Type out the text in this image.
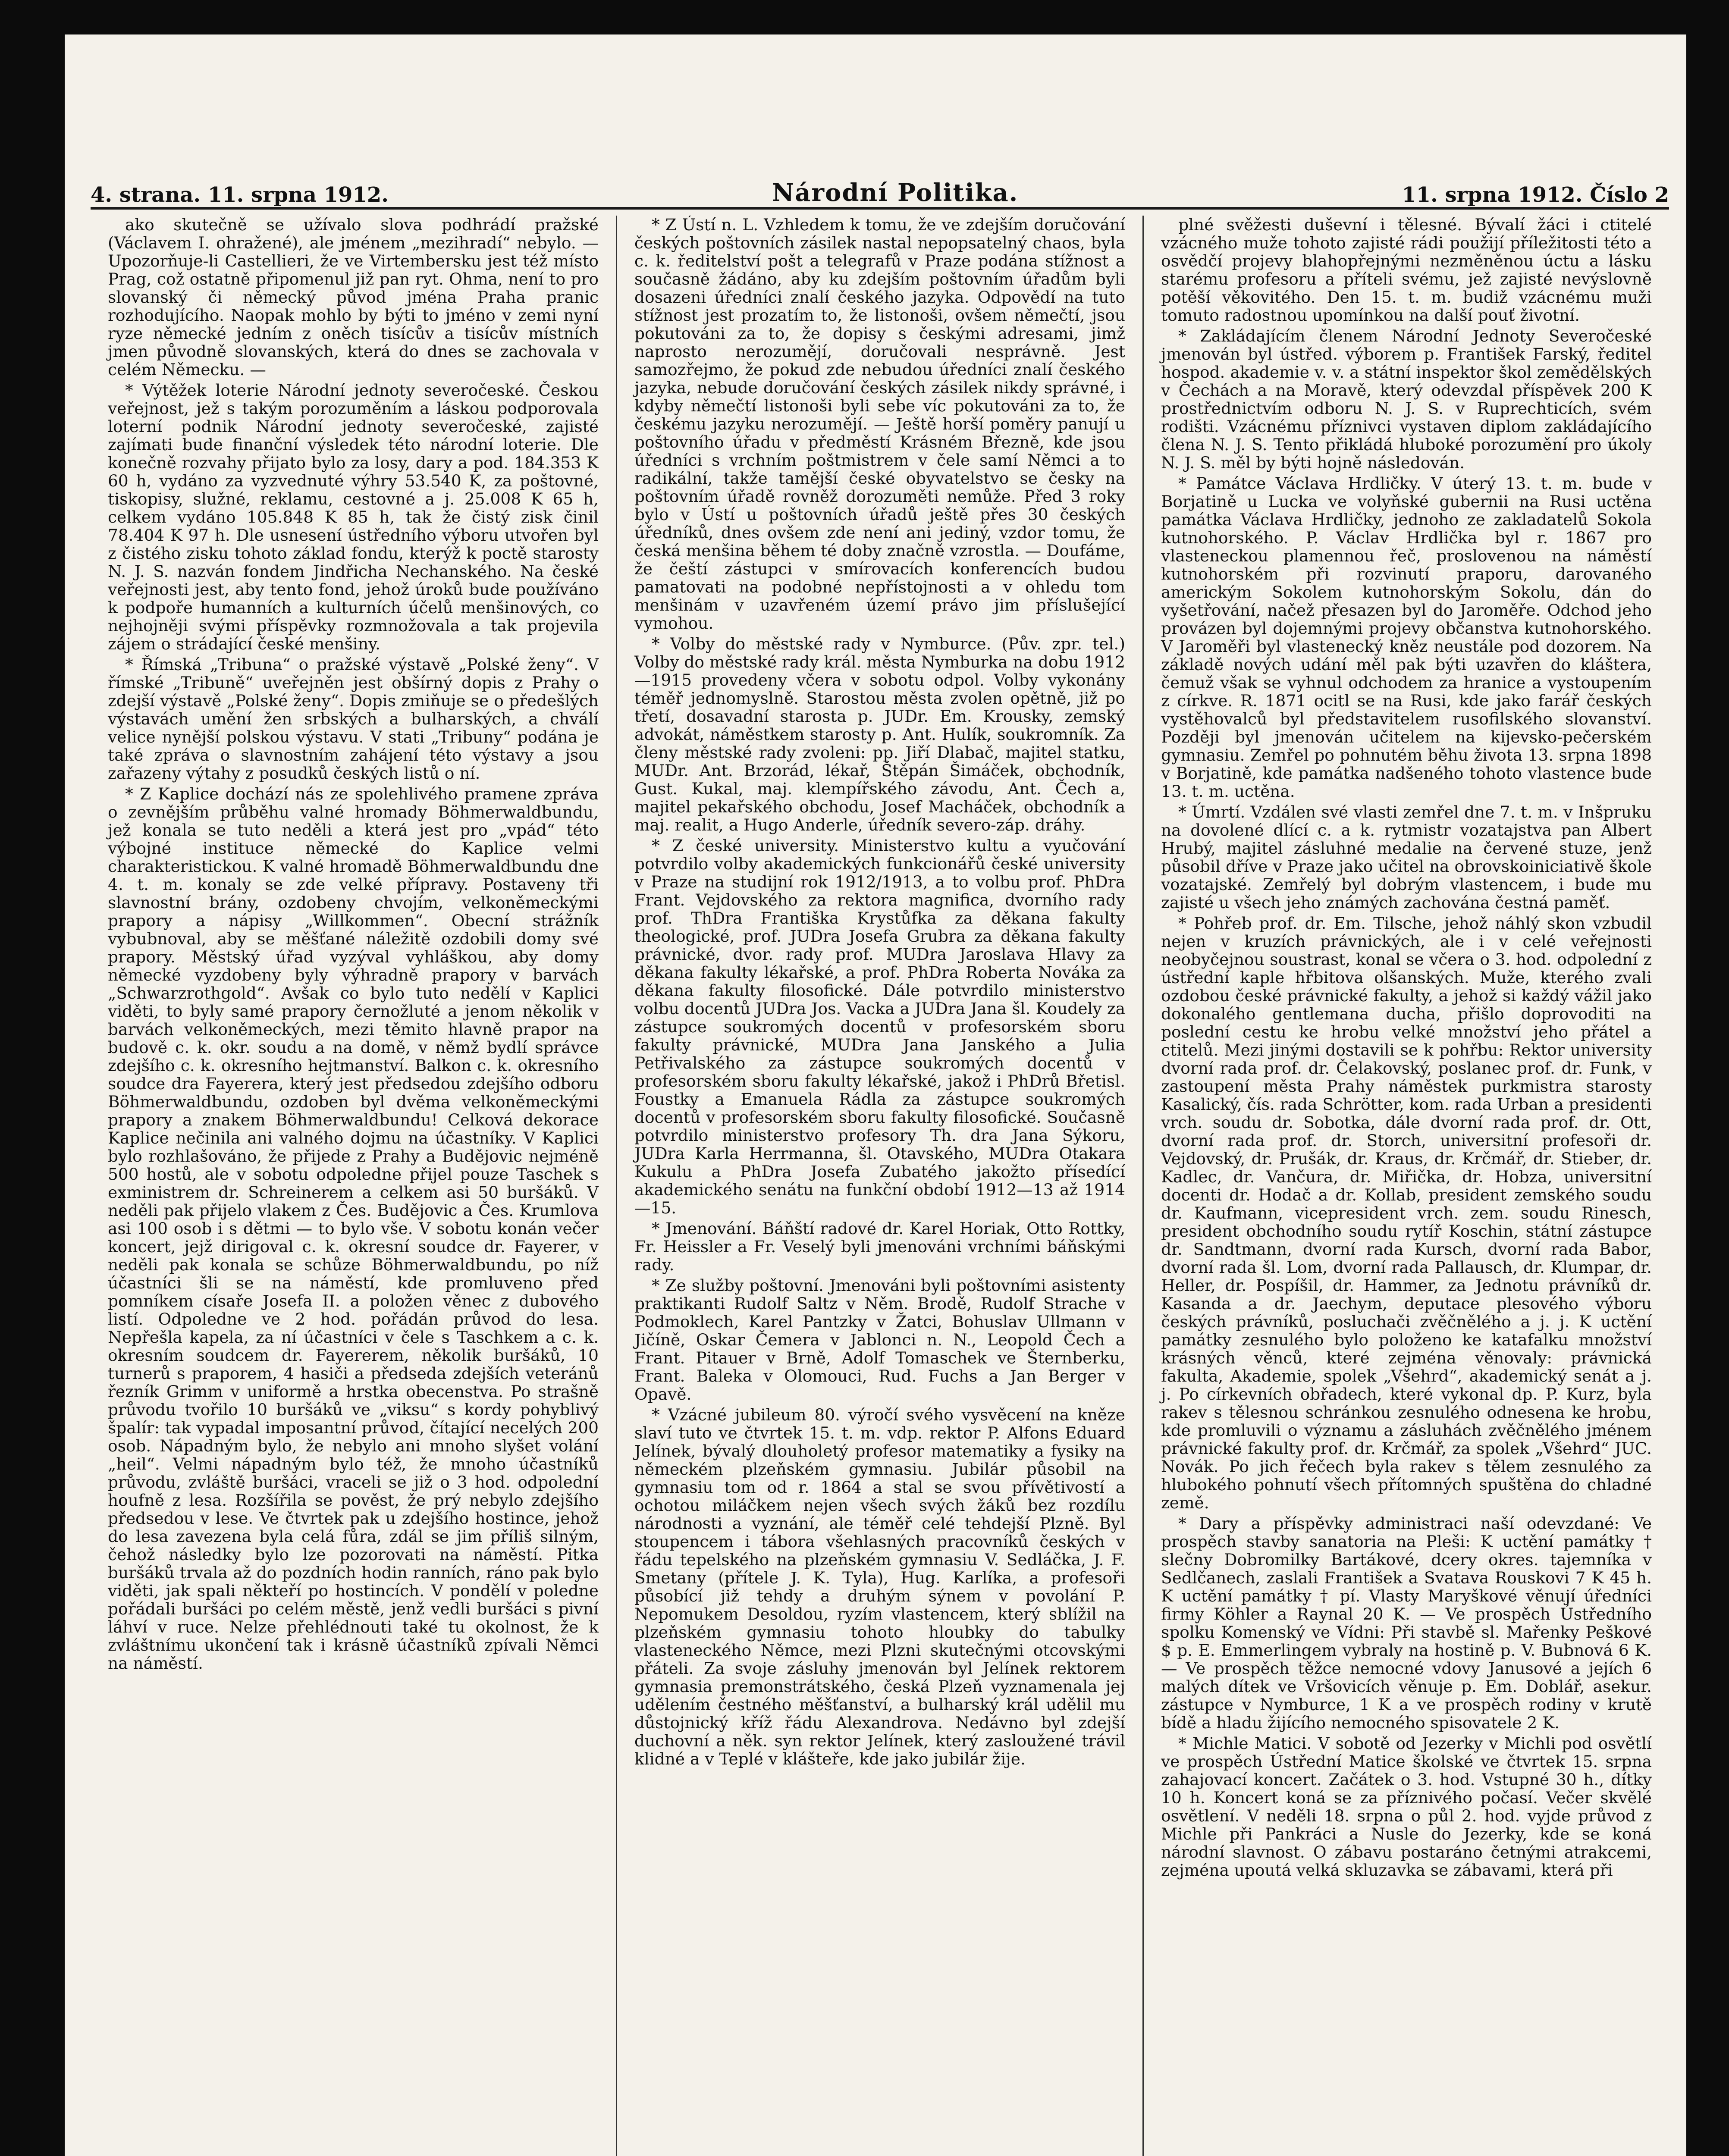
4. strana. 11. srpna 1912.	Národní Politika.	11. srpna 1912. Číslo 2

ako skutečně se užívalo slova podhrádí pražské (Václavem I. ohražené), ale jménem „mezihradí“ nebylo. — Upozorňuje-li Castellieri, že ve Virtembersku jest též místo Prag, což ostatně připomenul již pan ryt. Ohma, není to pro slovanský či německý původ jména Praha pranic rozhodujícího. Naopak mohlo by býti to jméno v zemi nyní ryze německé jedním z oněch tisícův a tisícův místních jmen původně slovanských, která do dnes se zachovala v celém Německu. —

* Výtěžek loterie Národní jednoty severočeské. Českou veřejnost, jež s takým porozuměním a láskou podporovala loterní podnik Národní jednoty severočeské, zajisté zajímati bude finanční výsledek této národní loterie. Dle konečně rozvahy přijato bylo za losy, dary a pod. 184.353 K 60 h, vydáno za vyzvednuté výhry 53.540 K, za poštovné, tiskopisy, služné, reklamu, cestovné a j. 25.008 K 65 h, celkem vydáno 105.848 K 85 h, tak že čistý zisk činil 78.404 K 97 h. Dle usnesení ústředního výboru utvořen byl z čistého zisku tohoto základ fondu, kterýž k poctě starosty N. J. S. nazván fondem Jindřicha Nechanského. Na české veřejnosti jest, aby tento fond, jehož úroků bude používáno k podpoře humanních a kulturních účelů menšinových, co nejhojněji svými příspěvky rozmnožovala a tak projevila zájem o strádající české menšiny.

* Římská „Tribuna“ o pražské výstavě „Polské ženy“. V římské „Tribuně“ uveřejněn jest obšírný dopis z Prahy o zdejší výstavě „Polské ženy“. Dopis zmiňuje se o předešlých výstavách umění žen srbských a bulharských, a chválí velice nynější polskou výstavu. V stati „Tribuny“ podána je také zpráva o slavnostním zahájení této výstavy a jsou zařazeny výtahy z posudků českých listů o ní.

* Z Kaplice dochází nás ze spolehlivého pramene zpráva o zevnějším průběhu valné hromady Böhmerwaldbundu, jež konala se tuto neděli a která jest pro „vpád“ této výbojné instituce německé do Kaplice velmi charakteristickou. K valné hromadě Böhmerwaldbundu dne 4. t. m. konaly se zde velké přípravy. Postaveny tři slavnostní brány, ozdobeny chvojím, velkoněmeckými prapory a nápisy „Willkommen“. Obecní strážník vybubnoval, aby se měšťané náležitě ozdobili domy své prapory. Městský úřad vyzýval vyhláškou, aby domy německé vyzdobeny byly výhradně prapory v barvách „Schwarzrothgold“. Avšak co bylo tuto nedělí v Kaplici viděti, to byly samé prapory černožluté a jenom několik v barvách velkoněmeckých, mezi těmito hlavně prapor na budově c. k. okr. soudu a na domě, v němž bydlí správce zdejšího c. k. okresního hejtmanství. Balkon c. k. okresního soudce dra Fayerera, který jest předsedou zdejšího odboru Böhmerwaldbundu, ozdoben byl dvěma velkoněmeckými prapory a znakem Böhmerwaldbundu! Celková dekorace Kaplice nečinila ani valného dojmu na účastníky. V Kaplici bylo rozhlašováno, že přijede z Prahy a Budějovic nejméně 500 hostů, ale v sobotu odpoledne přijel pouze Taschek s exministrem dr. Schreinerem a celkem asi 50 buršáků. V neděli pak přijelo vlakem z Čes. Budějovic a Čes. Krumlova asi 100 osob i s dětmi — to bylo vše. V sobotu konán večer koncert, jejž dirigoval c. k. okresní soudce dr. Fayerer, v neděli pak konala se schůze Böhmerwaldbundu, po níž účastníci šli se na náměstí, kde promluveno před pomníkem císaře Josefa II. a položen věnec z dubového listí. Odpoledne ve 2 hod. pořádán průvod do lesa. Nepřešla kapela, za ní účastníci v čele s Taschkem a c. k. okresním soudcem dr. Fayererem, několik buršáků, 10 turnerů s praporem, 4 hasiči a předseda zdejších veteránů řezník Grimm v uniformě a hrstka obecenstva. Po strašně průvodu tvořilo 10 buršáků ve „viksu“ s kordy pohyblivý špalír: tak vypadal imposantní průvod, čítající necelých 200 osob. Nápadným bylo, že nebylo ani mnoho slyšet volání „heil“. Velmi nápadným bylo též, že mnoho účastníků průvodu, zvláště buršáci, vraceli se již o 3 hod. odpolední houfně z lesa. Rozšířila se pověst, že prý nebylo zdejšího předsedou v lese. Ve čtvrtek pak u zdejšího hostince, jehož do lesa zavezena byla celá fůra, zdál se jim příliš silným, čehož následky bylo lze pozorovati na náměstí. Pitka buršáků trvala až do pozdních hodin ranních, ráno pak bylo viděti, jak spali někteří po hostincích. V pondělí v poledne pořádali buršáci po celém městě, jenž vedli buršáci s pivní láhví v ruce. Nelze přehlédnouti také tu okolnost, že k zvláštnímu ukončení tak i krásně účastníků zpívali Němci na náměstí.

* Z Ústí n. L. Vzhledem k tomu, že ve zdejším doručování českých poštovních zásilek nastal nepopsatelný chaos, byla c. k. ředitelství pošt a telegrafů v Praze podána stížnost a současně žádáno, aby ku zdejším poštovním úřadům byli dosazeni úředníci znalí českého jazyka. Odpovědí na tuto stížnost jest prozatím to, že listonoši, ovšem němečtí, jsou pokutováni za to, že dopisy s českými adresami, jimž naprosto nerozumějí, doručovali nesprávně. Jest samozřejmo, že pokud zde nebudou úředníci znalí českého jazyka, nebude doručování českých zásilek nikdy správné, i kdyby němečtí listonoši byli sebe víc pokutováni za to, že českému jazyku nerozumějí. — Ještě horší poměry panují u poštovního úřadu v předměstí Krásném Březně, kde jsou úředníci s vrchním poštmistrem v čele samí Němci a to radikální, takže tamější české obyvatelstvo se česky na poštovním úřadě rovněž dorozuměti nemůže. Před 3 roky bylo v Ústí u poštovních úřadů ještě přes 30 českých úředníků, dnes ovšem zde není ani jediný, vzdor tomu, že česká menšina během té doby značně vzrostla. — Doufáme, že čeští zástupci v smírovacích konferencích budou pamatovati na podobné nepřístojnosti a v ohledu tom menšinám v uzavřeném území právo jim příslušející vymohou.

* Volby do městské rady v Nymburce. (Pův. zpr. tel.) Volby do městské rady král. města Nymburka na dobu 1912—1915 provedeny včera v sobotu odpol. Volby vykonány téměř jednomyslně. Starostou města zvolen opětně, již po třetí, dosavadní starosta p. JUDr. Em. Krousky, zemský advokát, náměstkem starosty p. Ant. Hulík, soukromník. Za členy městské rady zvoleni: pp. Jiří Dlabač, majitel statku, MUDr. Ant. Brzorád, lékař, Štěpán Šimáček, obchodník, Gust. Kukal, maj. klempířského závodu, Ant. Čech a, majitel pekařského obchodu, Josef Macháček, obchodník a maj. realit, a Hugo Anderle, úředník severo-záp. dráhy.

* Z české university. Ministerstvo kultu a vyučování potvrdilo volby akademických funkcionářů české university v Praze na studijní rok 1912/1913, a to volbu prof. PhDra Frant. Vejdovského za rektora magnifica, dvorního rady prof. ThDra Františka Krystůfka za děkana fakulty theologické, prof. JUDra Josefa Grubra za děkana fakulty právnické, dvor. rady prof. MUDra Jaroslava Hlavy za děkana fakulty lékařské, a prof. PhDra Roberta Nováka za děkana fakulty filosofické. Dále potvrdilo ministerstvo volbu docentů JUDra Jos. Vacka a JUDra Jana šl. Koudely za zástupce soukromých docentů v profesorském sboru fakulty právnické, MUDra Jana Janského a Julia Petřivalského za zástupce soukromých docentů v profesorském sboru fakulty lékařské, jakož i PhDrů Břetisl. Foustky a Emanuela Rádla za zástupce soukromých docentů v profesorském sboru fakulty filosofické. Současně potvrdilo ministerstvo profesory Th. dra Jana Sýkoru, JUDra Karla Herrmanna, šl. Otavského, MUDra Otakara Kukulu a PhDra Josefa Zubatého jakožto přísedící akademického senátu na funkční období 1912—13 až 1914—15.

* Jmenování. Báňští radové dr. Karel Horiak, Otto Rottky, Fr. Heissler a Fr. Veselý byli jmenováni vrchními báňskými rady.

* Ze služby poštovní. Jmenováni byli poštovními asistenty praktikanti Rudolf Saltz v Něm. Brodě, Rudolf Strache v Podmoklech, Karel Pantzky v Žatci, Bohuslav Ullmann v Jičíně, Oskar Čemera v Jablonci n. N., Leopold Čech a Frant. Pitauer v Brně, Adolf Tomaschek ve Šternberku, Frant. Baleka v Olomouci, Rud. Fuchs a Jan Berger v Opavě.

* Vzácné jubileum 80. výročí svého vysvěcení na kněze slaví tuto ve čtvrtek 15. t. m. vdp. rektor P. Alfons Eduard Jelínek, bývalý dlouholetý profesor matematiky a fysiky na německém plzeňském gymnasiu. Jubilár působil na gymnasiu tom od r. 1864 a stal se svou přívětivostí a ochotou miláčkem nejen všech svých žáků bez rozdílu národnosti a vyznání, ale téměř celé tehdejší Plzně. Byl stoupencem i tábora všehlasných pracovníků českých v řádu tepelského na plzeňském gymnasiu V. Sedláčka, J. F. Smetany (přítele J. K. Tyla), Hug. Karlíka, a profesoři působící již tehdy a druhým sýnem v povolání P. Nepomukem Desoldou, ryzím vlastencem, který sblížil na plzeňském gymnasiu tohoto hloubky do tabulky vlasteneckého Němce, mezi Plzni skutečnými otcovskými přáteli. Za svoje zásluhy jmenován byl Jelínek rektorem gymnasia premonstrátského, česká Plzeň vyznamenala jej udělením čestného měšťanství, a bulharský král udělil mu důstojnický kříž řádu Alexandrova. Nedávno byl zdejší duchovní a něk. syn rektor Jelínek, který zasloužené trávil klidné a v Teplé v klášteře, kde jako jubilár žije.

plné svěžesti duševní i tělesné. Bývalí žáci i ctitelé vzácného muže tohoto zajisté rádi použijí příležitosti této a osvědčí projevy blahopřejnými nezměněnou úctu a lásku starému profesoru a příteli svému, jež zajisté nevýslovně potěší věkovitého. Den 15. t. m. budiž vzácnému muži tomuto radostnou upomínkou na další pouť životní.

* Zakládajícím členem Národní Jednoty Severočeské jmenován byl ústřed. výborem p. František Farský, ředitel hospod. akademie v. v. a státní inspektor škol zemědělských v Čechách a na Moravě, který odevzdal příspěvek 200 K prostřednictvím odboru N. J. S. v Ruprechticích, svém rodišti. Vzácnému příznivci vystaven diplom zakládajícího člena N. J. S. Tento přikládá hluboké porozumění pro úkoly N. J. S. měl by býti hojně následován.

* Památce Václava Hrdličky. V úterý 13. t. m. bude v Borjatině u Lucka ve volyňské gubernii na Rusi uctěna památka Václava Hrdličky, jednoho ze zakladatelů Sokola kutnohorského. P. Václav Hrdlička byl r. 1867 pro vlasteneckou plamennou řeč, proslovenou na náměstí kutnohorském při rozvinutí praporu, darovaného americkým Sokolem kutnohorským Sokolu, dán do vyšetřování, načež přesazen byl do Jaroměře. Odchod jeho provázen byl dojemnými projevy občanstva kutnohorského. V Jaroměři byl vlastenecký kněz neustále pod dozorem. Na základě nových udání měl pak býti uzavřen do kláštera, čemuž však se vyhnul odchodem za hranice a vystoupením z církve. R. 1871 ocitl se na Rusi, kde jako farář českých vystěhovalců byl představitelem rusofilského slovanství. Později byl jmenován učitelem na kijevsko-pečerském gymnasiu. Zemřel po pohnutém běhu života 13. srpna 1898 v Borjatině, kde památka nadšeného tohoto vlastence bude 13. t. m. uctěna.

* Úmrtí. Vzdálen své vlasti zemřel dne 7. t. m. v Inšpruku na dovolené dlící c. a k. rytmistr vozatajstva pan Albert Hrubý, majitel zásluhné medalie na červené stuze, jenž působil dříve v Praze jako učitel na obrovskoiniciativě škole vozatajské. Zemřelý byl dobrým vlastencem, i bude mu zajisté u všech jeho známých zachována čestná paměť.

* Pohřeb prof. dr. Em. Tilsche, jehož náhlý skon vzbudil nejen v kruzích právnických, ale i v celé veřejnosti neobyčejnou soustrast, konal se včera o 3. hod. odpolední z ústřední kaple hřbitova olšanských. Muže, kterého zvali ozdobou české právnické fakulty, a jehož si každý vážil jako dokonalého gentlemana ducha, přišlo doprovoditi na poslední cestu ke hrobu velké množství jeho přátel a ctitelů. Mezi jinými dostavili se k pohřbu: Rektor university dvorní rada prof. dr. Čelakovský, poslanec prof. dr. Funk, v zastoupení města Prahy náměstek purkmistra starosty Kasalický, čís. rada Schrötter, kom. rada Urban a presidenti vrch. soudu dr. Sobotka, dále dvorní rada prof. dr. Ott, dvorní rada prof. dr. Storch, universitní profesoři dr. Vejdovský, dr. Prušák, dr. Kraus, dr. Krčmář, dr. Stieber, dr. Kadlec, dr. Vančura, dr. Miřička, dr. Hobza, universitní docenti dr. Hodač a dr. Kollab, president zemského soudu dr. Kaufmann, vicepresident vrch. zem. soudu Rinesch, president obchodního soudu rytíř Koschin, státní zástupce dr. Sandtmann, dvorní rada Kursch, dvorní rada Babor, dvorní rada šl. Lom, dvorní rada Pallausch, dr. Klumpar, dr. Heller, dr. Pospíšil, dr. Hammer, za Jednotu právníků dr. Kasanda a dr. Jaechym, deputace plesového výboru českých právníků, posluchači zvěčnělého a j. j. K uctění památky zesnulého bylo položeno ke katafalku množství krásných věnců, které zejména věnovaly: právnická fakulta, Akademie, spolek „Všehrd“, akademický senát a j. j. Po církevních obřadech, které vykonal dp. P. Kurz, byla rakev s tělesnou schránkou zesnulého odnesena ke hrobu, kde promluvili o významu a zásluhách zvěčnělého jménem právnické fakulty prof. dr. Krčmář, za spolek „Všehrd“ JUC. Novák. Po jich řečech byla rakev s tělem zesnulého za hlubokého pohnutí všech přítomných spuštěna do chladné země.

* Dary a příspěvky administraci naší odevzdané: Ve prospěch stavby sanatoria na Pleši: K uctění památky † slečny Dobromilky Bartákové, dcery okres. tajemníka v Sedlčanech, zaslali František a Svatava Rouskovi 7 K 45 h. K uctění památky † pí. Vlasty Maryškové věnují úředníci firmy Köhler a Raynal 20 K. — Ve prospěch Ústředního spolku Komenský ve Vídni: Při stavbě sl. Mařenky Peškové $ p. E. Emmerlingem vybraly na hostině p. V. Bubnová 6 K. — Ve prospěch těžce nemocné vdovy Janusové a jejích 6 malých dítek ve Vršovicích věnuje p. Em. Doblář, asekur. zástupce v Nymburce, 1 K a ve prospěch rodiny v krutě bídě a hladu žijícího nemocného spisovatele 2 K.

* Michle Matici. V sobotě od Jezerky v Michli pod osvětlí ve prospěch Ústřední Matice školské ve čtvrtek 15. srpna zahajovací koncert. Začátek o 3. hod. Vstupné 30 h., dítky 10 h. Koncert koná se za příznivého počasí. Večer skvělé osvětlení. V neděli 18. srpna o půl 2. hod. vyjde průvod z Michle při Pankráci a Nusle do Jezerky, kde se koná národní slavnost. O zábavu postaráno četnými atrakcemi, zejména upoutá velká skluzavka se zábavami, která při
